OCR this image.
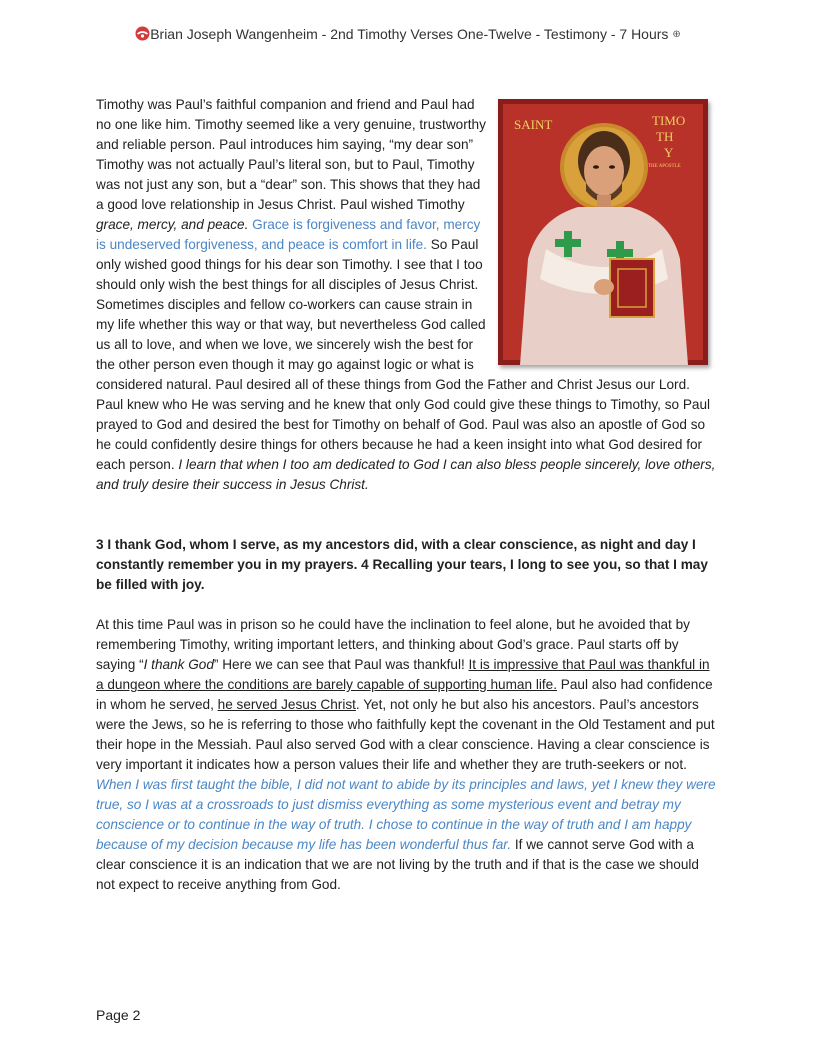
Brian Joseph Wangenheim - 2nd Timothy Verses One-Twelve - Testimony - 7 Hours ⊕
SAINT	TIMO
TH
Y
THE APOSTLE

Timothy was Paul’s faithful companion and friend and Paul had no one like him. Timothy seemed like a very genuine, trustworthy and reliable person. Paul introduces him saying, “my dear son” Timothy was not actually Paul’s literal son, but to Paul, Timothy was not just any son, but a “dear” son. This shows that they had a good love relationship in Jesus Christ. Paul wished Timothy grace, mercy, and peace. Grace is forgiveness and favor, mercy is undeserved forgiveness, and peace is comfort in life. So Paul only wished good things for his dear son Timothy. I see that I too should only wish the best things for all disciples of Jesus Christ. Sometimes disciples and fellow co-workers can cause strain in my life whether this way or that way, but nevertheless God called us all to love, and when we love, we sincerely wish the best for the other person even though it may go against logic or what is considered natural. Paul desired all of these things from God the Father and Christ Jesus our Lord. Paul knew who He was serving and he knew that only God could give these things to Timothy, so Paul prayed to God and desired the best for Timothy on behalf of God. Paul was also an apostle of God so he could confidently desire things for others because he had a keen insight into what God desired for each person. I learn that when I too am dedicated to God I can also bless people sincerely, love others, and truly desire their success in Jesus Christ.

3 I thank God, whom I serve, as my ancestors did, with a clear conscience, as night and day I constantly remember you in my prayers. 4 Recalling your tears, I long to see you, so that I may be filled with joy.

At this time Paul was in prison so he could have the inclination to feel alone, but he avoided that by remembering Timothy, writing important letters, and thinking about God’s grace. Paul starts off by saying “I thank God” Here we can see that Paul was thankful! It is impressive that Paul was thankful in a dungeon where the conditions are barely capable of supporting human life. Paul also had confidence in whom he served, he served Jesus Christ. Yet, not only he but also his ancestors. Paul’s ancestors were the Jews, so he is referring to those who faithfully kept the covenant in the Old Testament and put their hope in the Messiah. Paul also served God with a clear conscience. Having a clear conscience is very important it indicates how a person values their life and whether they are truth-seekers or not. When I was first taught the bible, I did not want to abide by its principles and laws, yet I knew they were true, so I was at a crossroads to just dismiss everything as some mysterious event and betray my conscience or to continue in the way of truth. I chose to continue in the way of truth and I am happy because of my decision because my life has been wonderful thus far. If we cannot serve God with a clear conscience it is an indication that we are not living by the truth and if that is the case we should not expect to receive anything from God.

Page 2
